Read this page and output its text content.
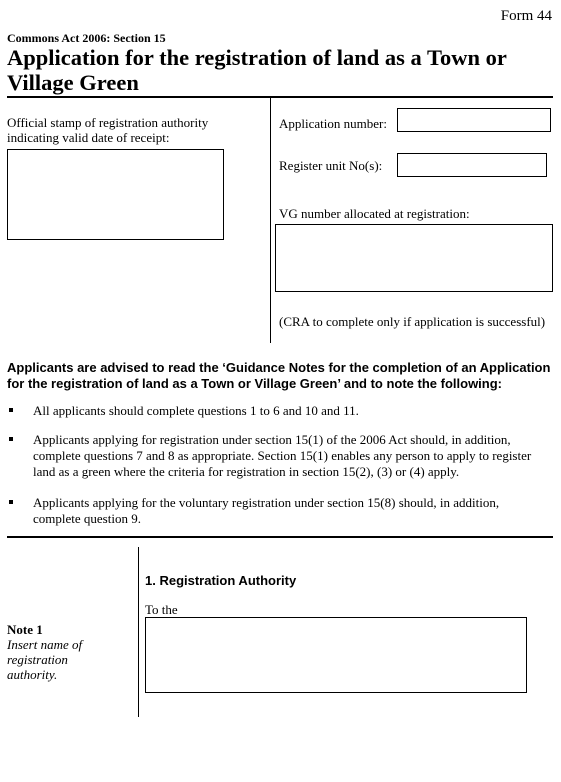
Form 44
Commons Act 2006: Section 15
Application for the registration of land as a Town or Village Green
Official stamp of registration authority indicating valid date of receipt:
Application number:
Register unit No(s):
VG number allocated at registration:
(CRA to complete only if application is successful)
Applicants are advised to read the ‘Guidance Notes for the completion of an Application for the registration of land as a Town or Village Green’ and to note the following:
All applicants should complete questions 1 to 6 and 10 and 11.
Applicants applying for registration under section 15(1) of the 2006 Act should, in addition, complete questions 7 and 8 as appropriate. Section 15(1) enables any person to apply to register land as a green where the criteria for registration in section 15(2), (3) or (4) apply.
Applicants applying for the voluntary registration under section 15(8) should, in addition, complete question 9.
1. Registration Authority
To the
Note 1
Insert name of registration authority.
